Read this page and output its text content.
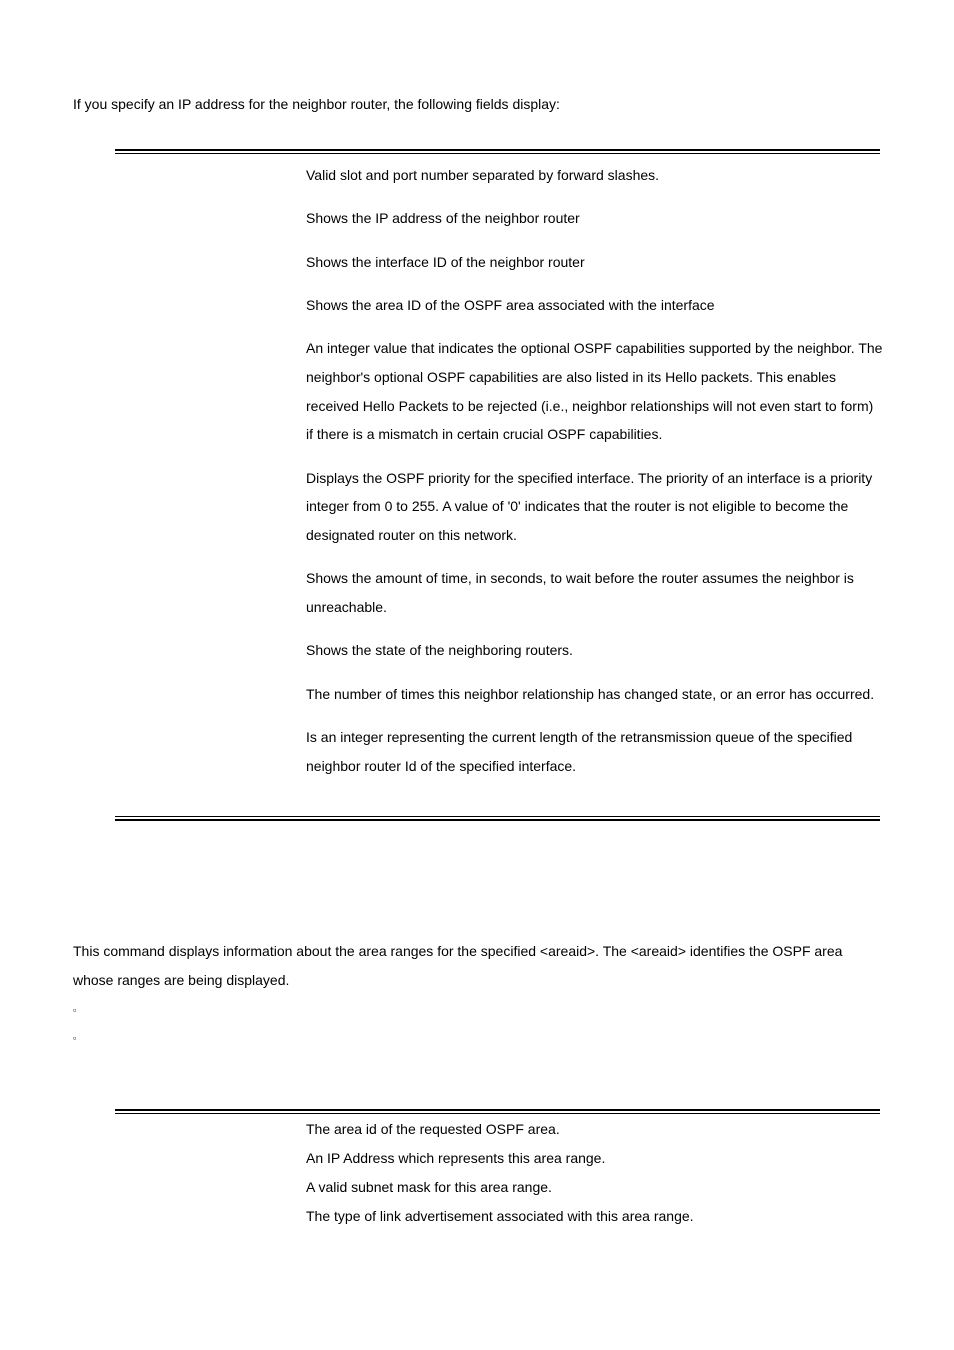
If you specify an IP address for the neighbor router, the following fields display:
Valid slot and port number separated by forward slashes.
Shows the IP address of the neighbor router
Shows the interface ID of the neighbor router
Shows the area ID of the OSPF area associated with the interface
An integer value that indicates the optional OSPF capabilities supported by the neighbor. The neighbor's optional OSPF capabilities are also listed in its Hello packets. This enables received Hello Packets to be rejected (i.e., neighbor relationships will not even start to form) if there is a mismatch in certain crucial OSPF capabilities.
Displays the OSPF priority for the specified interface. The priority of an interface is a priority integer from 0 to 255. A value of '0' indicates that the router is not eligible to become the designated router on this network.
Shows the amount of time, in seconds, to wait before the router assumes the neighbor is unreachable.
Shows the state of the neighboring routers.
The number of times this neighbor relationship has changed state, or an error has occurred.
Is an integer representing the current length of the retransmission queue of the specified neighbor router Id of the specified interface.
This command displays information about the area ranges for the specified <areaid>. The <areaid> identifies the OSPF area whose ranges are being displayed.
▫
▫
The area id of the requested OSPF area.
An IP Address which represents this area range.
A valid subnet mask for this area range.
The type of link advertisement associated with this area range.
